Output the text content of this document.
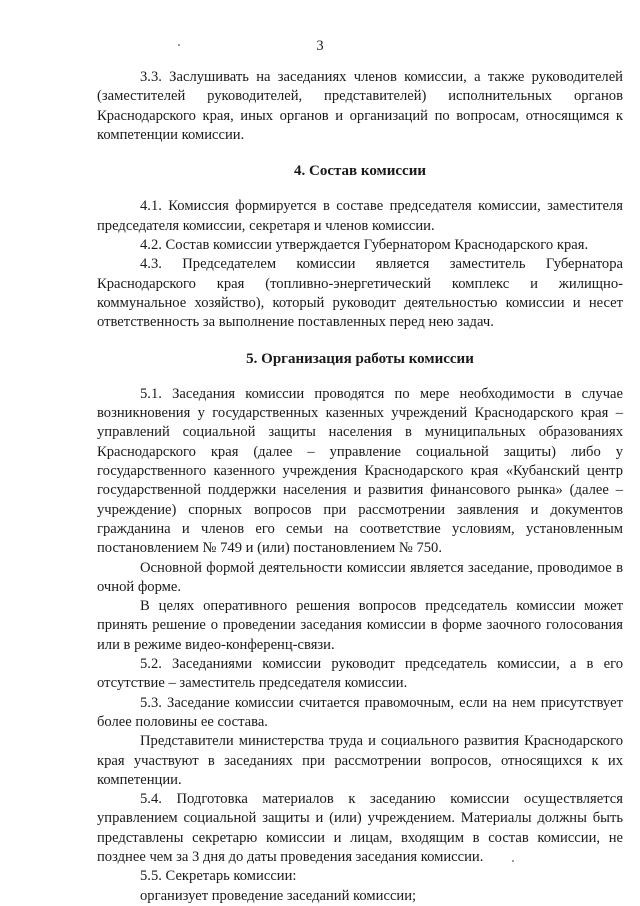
3

3.3. Заслушивать на заседаниях членов комиссии, а также руководителей (заместителей руководителей, представителей) исполнительных органов Краснодарского края, иных органов и организаций по вопросам, относящимся к компетенции комиссии.

4. Состав комиссии

4.1. Комиссия формируется в составе председателя комиссии, заместителя председателя комиссии, секретаря и членов комиссии.

4.2. Состав комиссии утверждается Губернатором Краснодарского края.

4.3. Председателем комиссии является заместитель Губернатора Краснодарского края (топливно-энергетический комплекс и жилищно-коммунальное хозяйство), который руководит деятельностью комиссии и несет ответственность за выполнение поставленных перед нею задач.

5. Организация работы комиссии

5.1. Заседания комиссии проводятся по мере необходимости в случае возникновения у государственных казенных учреждений Краснодарского края – управлений социальной защиты населения в муниципальных образованиях Краснодарского края (далее – управление социальной защиты) либо у государственного казенного учреждения Краснодарского края «Кубанский центр государственной поддержки населения и развития финансового рынка» (далее – учреждение) спорных вопросов при рассмотрении заявления и документов гражданина и членов его семьи на соответствие условиям, установленным постановлением № 749 и (или) постановлением № 750.

Основной формой деятельности комиссии является заседание, проводимое в очной форме.

В целях оперативного решения вопросов председатель комиссии может принять решение о проведении заседания комиссии в форме заочного голосования или в режиме видео-конференц-связи.

5.2. Заседаниями комиссии руководит председатель комиссии, а в его отсутствие – заместитель председателя комиссии.

5.3. Заседание комиссии считается правомочным, если на нем присутствует более половины ее состава.

Представители министерства труда и социального развития Краснодарского края участвуют в заседаниях при рассмотрении вопросов, относящихся к их компетенции.

5.4. Подготовка материалов к заседанию комиссии осуществляется управлением социальной защиты и (или) учреждением. Материалы должны быть представлены секретарю комиссии и лицам, входящим в состав комиссии, не позднее чем за 3 дня до даты проведения заседания комиссии.

5.5. Секретарь комиссии:

организует проведение заседаний комиссии;
